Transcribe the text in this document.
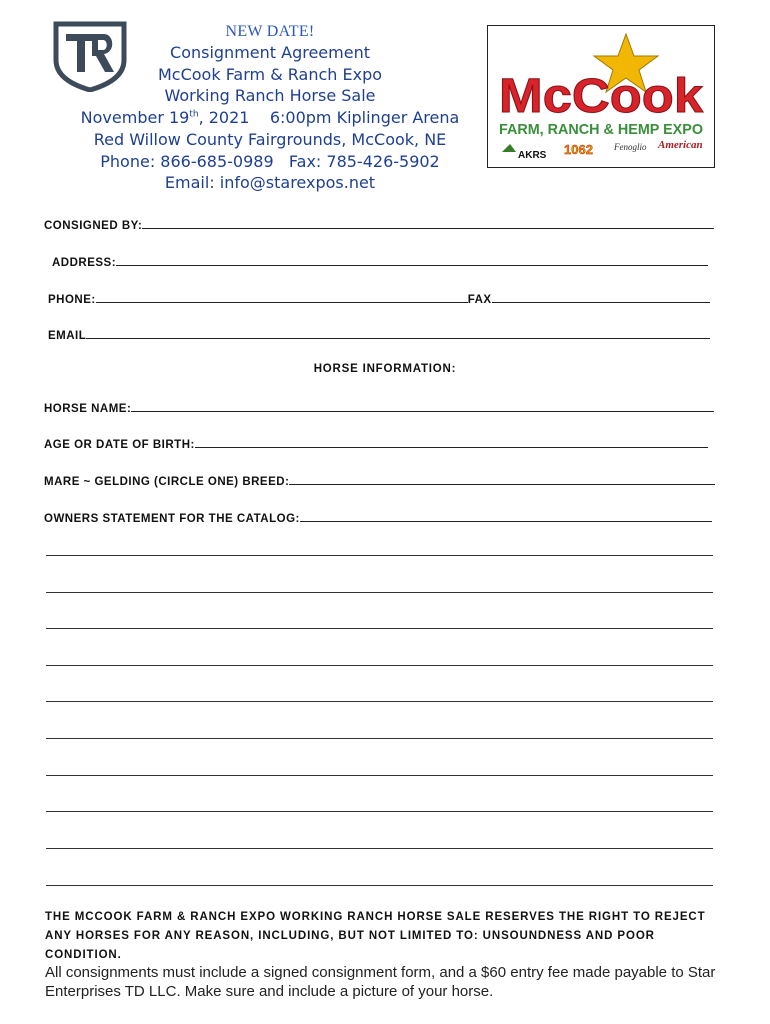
NEW DATE!
Consignment Agreement
McCook Farm & Ranch Expo
Working Ranch Horse Sale
November 19th, 2021    6:00pm Kiplinger Arena
Red Willow County Fairgrounds, McCook, NE
Phone: 866-685-0989   Fax: 785-426-5902
Email: info@starexpos.net
McCook
FARM, RANCH & HEMP EXPO
AKRS 1062 Fenoglio American
CONSIGNED BY:
ADDRESS:
PHONE:	FAX
EMAIL
HORSE INFORMATION:
HORSE NAME:
AGE OR DATE OF BIRTH:
MARE ~ GELDING (CIRCLE ONE) BREED:
OWNERS STATEMENT FOR THE CATALOG:
THE MCCOOK FARM & RANCH EXPO WORKING RANCH HORSE SALE RESERVES THE RIGHT TO REJECT ANY HORSES FOR ANY REASON, INCLUDING, BUT NOT LIMITED TO: UNSOUNDNESS AND POOR CONDITION.
All consignments must include a signed consignment form, and a $60 entry fee made payable to Star Enterprises TD LLC. Make sure and include a picture of your horse.
